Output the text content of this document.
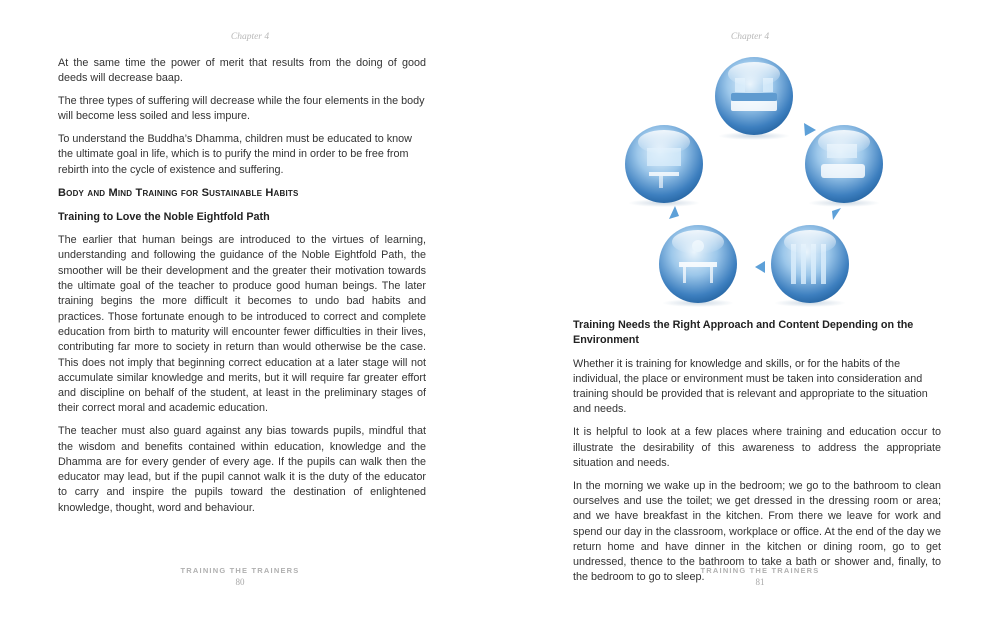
Chapter 4

At the same time the power of merit that results from the doing of good deeds will decrease baap.

The three types of suffering will decrease while the four elements in the body will become less soiled and less impure.

To understand the Buddha’s Dhamma, children must be educated to know the ultimate goal in life, which is to purify the mind in order to be free from rebirth into the cycle of existence and suffering.

Body and Mind Training for Sustainable Habits
Training to Love the Noble Eightfold Path

The earlier that human beings are introduced to the virtues of learning, understanding and following the guidance of the Noble Eightfold Path, the smoother will be their development and the greater their motivation towards the ultimate goal of the teacher to produce good human beings. The later training begins the more difficult it becomes to undo bad habits and practices. Those fortunate enough to be introduced to correct and complete education from birth to maturity will encounter fewer difficulties in their lives, contributing far more to society in return than would otherwise be the case. This does not imply that beginning correct education at a later stage will not accumulate similar knowledge and merits, but it will require far greater effort and discipline on behalf of the student, at least in the preliminary stages of their correct moral and academic education.

The teacher must also guard against any bias towards pupils, mindful that the wisdom and benefits contained within education, knowledge and the Dhamma are for every gender of every age. If the pupils can walk then the educator may lead, but if the pupil cannot walk it is the duty of the educator to carry and inspire the pupils toward the destination of enlightened knowledge, thought, word and behaviour.

TRAINING THE TRAINERS
80
Chapter 4
Training Needs the Right Approach and Content Depending on the Environment

Whether it is training for knowledge and skills, or for the habits of the individual, the place or environment must be taken into consideration and training should be provided that is relevant and appropriate to the situation and needs.

It is helpful to look at a few places where training and education occur to illustrate the desirability of this awareness to address the appropriate situation and needs.

In the morning we wake up in the bedroom; we go to the bathroom to clean ourselves and use the toilet; we get dressed in the dressing room or area; and we have breakfast in the kitchen. From there we leave for work and spend our day in the classroom, workplace or office. At the end of the day we return home and have dinner in the kitchen or dining room, go to get undressed, thence to the bathroom to take a bath or shower and, finally, to the bedroom to go to sleep.

TRAINING THE TRAINERS
81
